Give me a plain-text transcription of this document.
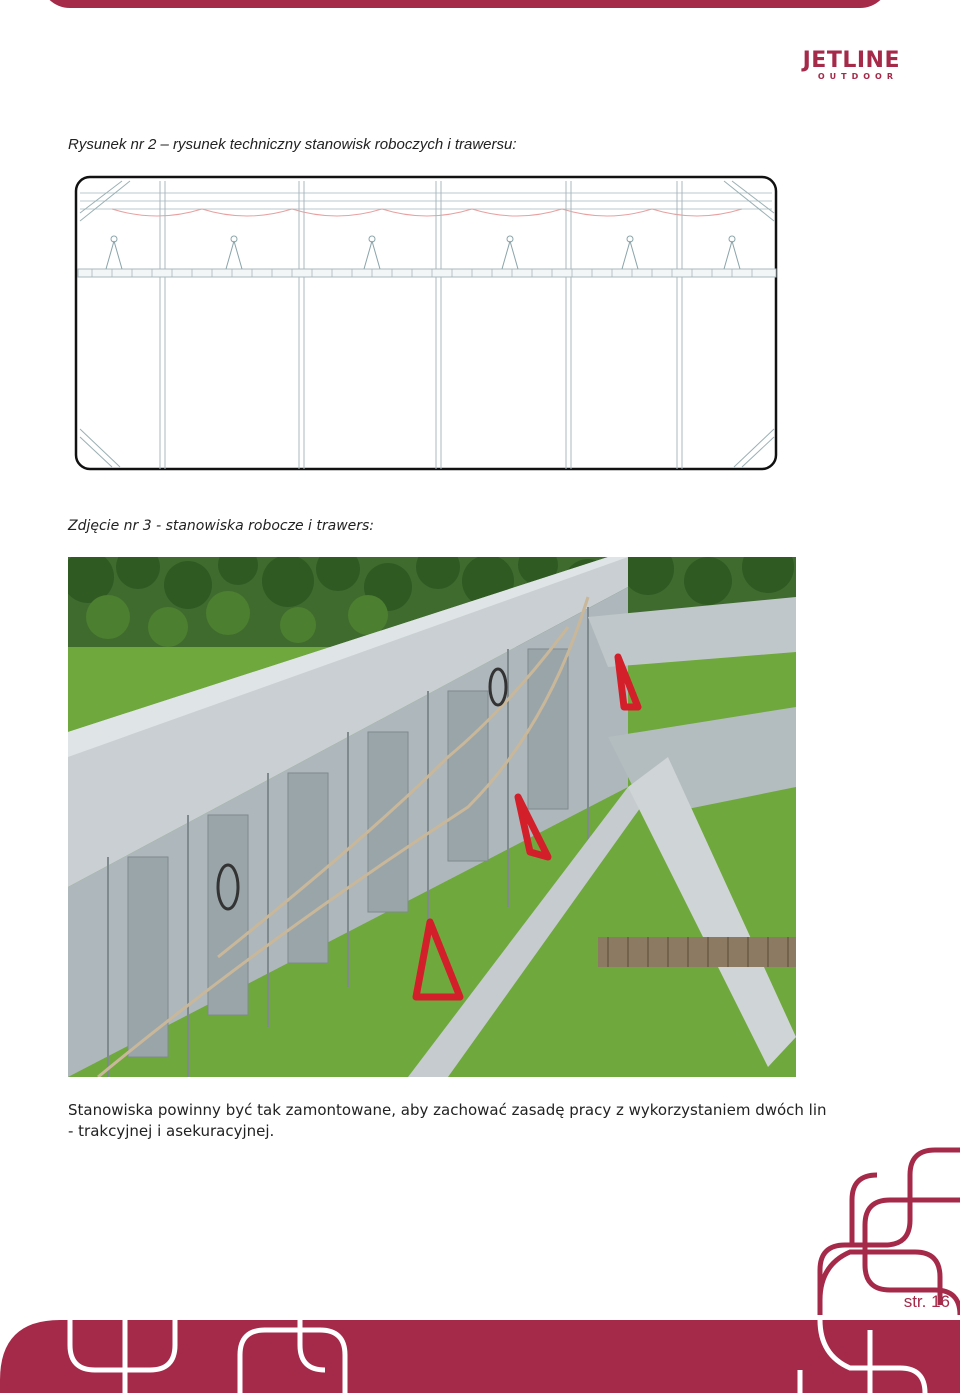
JETLINE
OUTDOOR
Rysunek nr 2 – rysunek techniczny stanowisk roboczych i trawersu:
Zdjęcie nr 3 - stanowiska robocze i trawers:
Stanowiska powinny być tak zamontowane, aby zachować zasadę pracy z wykorzystaniem dwóch lin - trakcyjnej i asekuracyjnej.
str. 16
